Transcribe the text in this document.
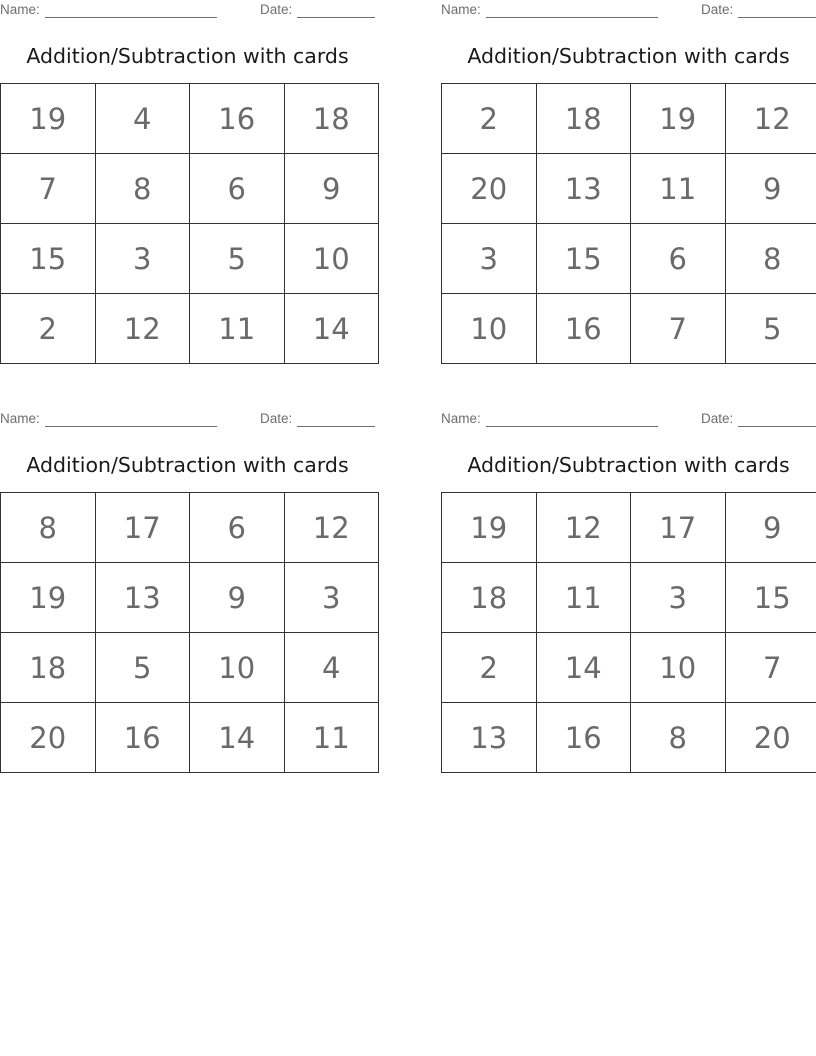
Name:	Date:
Addition/Subtraction with cards
19	4	16	18
7	8	6	9
15	3	5	10
2	12	11	14
Name:	Date:
Addition/Subtraction with cards
2	18	19	12
20	13	11	9
3	15	6	8
10	16	7	5
Name:	Date:
Addition/Subtraction with cards
8	17	6	12
19	13	9	3
18	5	10	4
20	16	14	11
Name:	Date:
Addition/Subtraction with cards
19	12	17	9
18	11	3	15
2	14	10	7
13	16	8	20
